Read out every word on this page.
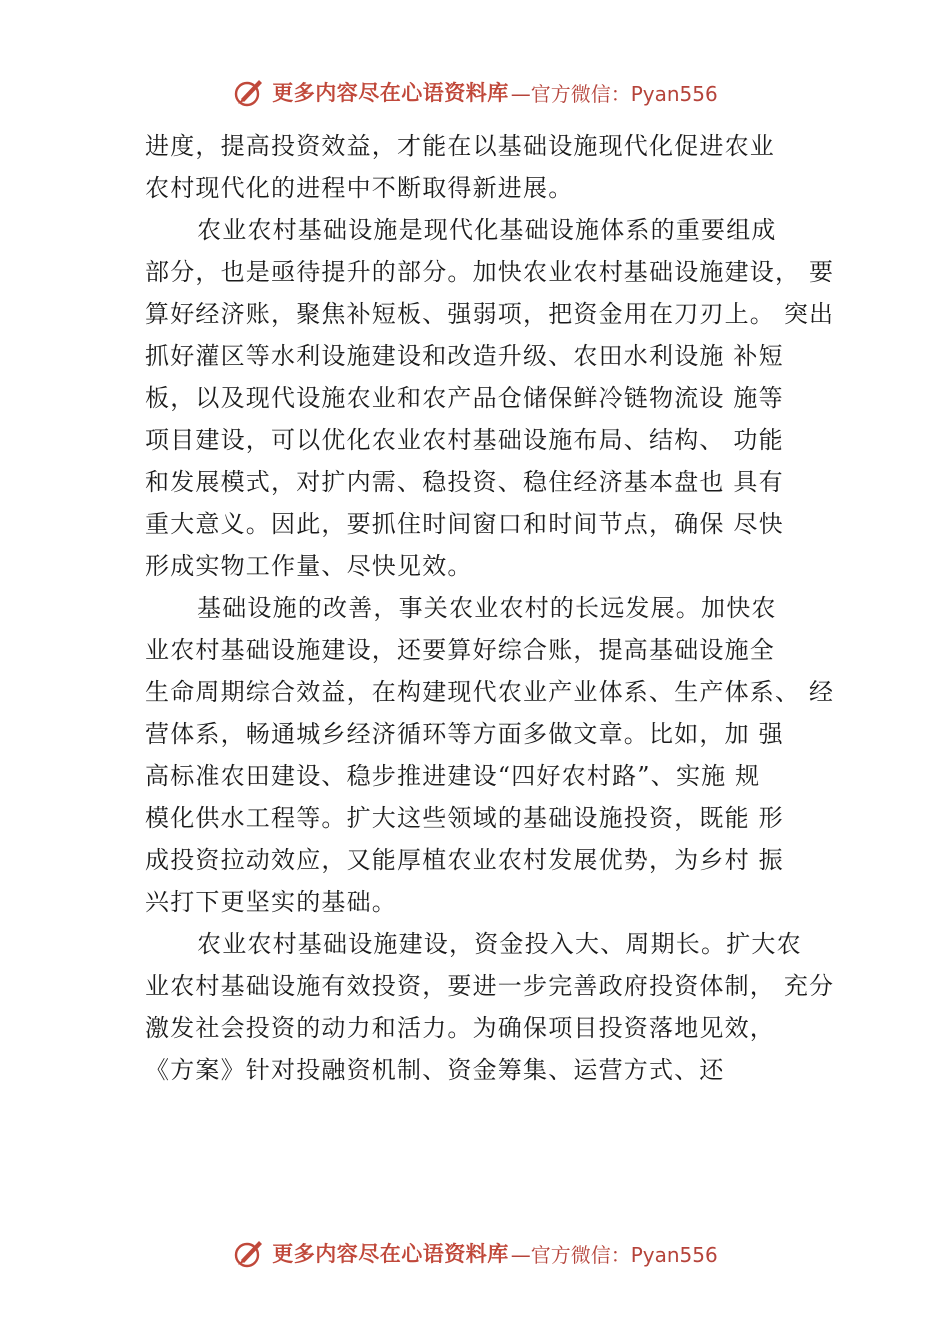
更多内容尽在心语资料库 —官方微信：Pyan556
进度，提高投资效益，才能在以基础设施现代化促进农业
农村现代化的进程中不断取得新进展。
农业农村基础设施是现代化基础设施体系的重要组成
部分，也是亟待提升的部分。加快农业农村基础设施建设， 要
算好经济账，聚焦补短板、强弱项，把资金用在刀刃上。 突出
抓好灌区等水利设施建设和改造升级、农田水利设施 补短
板，以及现代设施农业和农产品仓储保鲜冷链物流设 施等
项目建设，可以优化农业农村基础设施布局、结构、 功能
和发展模式，对扩内需、稳投资、稳住经济基本盘也 具有
重大意义。因此，要抓住时间窗口和时间节点，确保 尽快
形成实物工作量、尽快见效。
基础设施的改善，事关农业农村的长远发展。加快农
业农村基础设施建设，还要算好综合账，提高基础设施全
生命周期综合效益，在构建现代农业产业体系、生产体系、 经
营体系，畅通城乡经济循环等方面多做文章。比如，加 强
高标准农田建设、稳步推进建设“四好农村路”、实施 规
模化供水工程等。扩大这些领域的基础设施投资，既能 形
成投资拉动效应，又能厚植农业农村发展优势，为乡村 振
兴打下更坚实的基础。
农业农村基础设施建设，资金投入大、周期长。扩大农
业农村基础设施有效投资，要进一步完善政府投资体制， 充分
激发社会投资的动力和活力。为确保项目投资落地见效，
《方案》针对投融资机制、资金筹集、运营方式、还
更多内容尽在心语资料库 —官方微信：Pyan556
